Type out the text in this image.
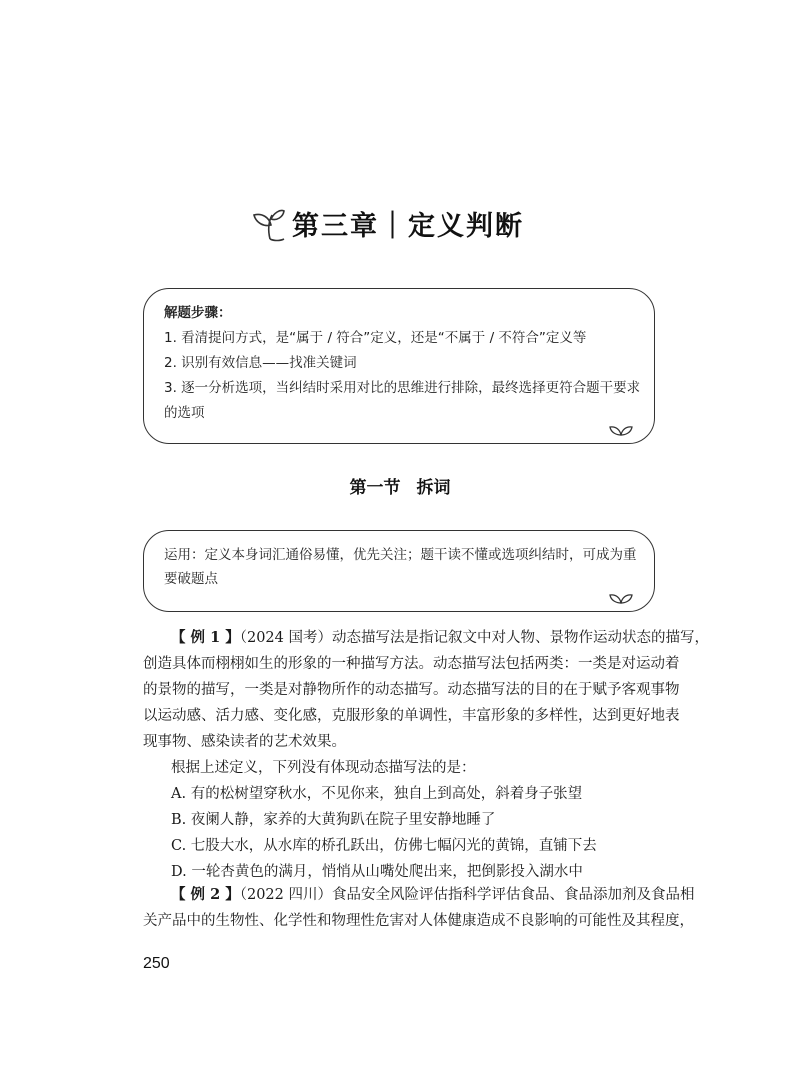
第三章｜定义判断
解题步骤：
1. 看清提问方式，是“属于 / 符合”定义，还是“不属于 / 不符合”定义等
2. 识别有效信息——找准关键词
3. 逐一分析选项，当纠结时采用对比的思维进行排除，最终选择更符合题干要求
的选项
第一节 拆词
运用：定义本身词汇通俗易懂，优先关注；题干读不懂或选项纠结时，可成为重
要破题点
【 例 1 】（2024 国考）动态描写法是指记叙文中对人物、景物作运动状态的描写，
创造具体而栩栩如生的形象的一种描写方法。动态描写法包括两类：一类是对运动着
的景物的描写，一类是对静物所作的动态描写。动态描写法的目的在于赋予客观事物
以运动感、活力感、变化感，克服形象的单调性，丰富形象的多样性，达到更好地表
现事物、感染读者的艺术效果。
根据上述定义，下列没有体现动态描写法的是：
A. 有的松树望穿秋水，不见你来，独自上到高处，斜着身子张望
B. 夜阑人静，家养的大黄狗趴在院子里安静地睡了
C. 七股大水，从水库的桥孔跃出，仿佛七幅闪光的黄锦，直铺下去
D. 一轮杏黄色的满月，悄悄从山嘴处爬出来，把倒影投入湖水中
【 例 2 】（2022 四川）食品安全风险评估指科学评估食品、食品添加剂及食品相
关产品中的生物性、化学性和物理性危害对人体健康造成不良影响的可能性及其程度，
250
